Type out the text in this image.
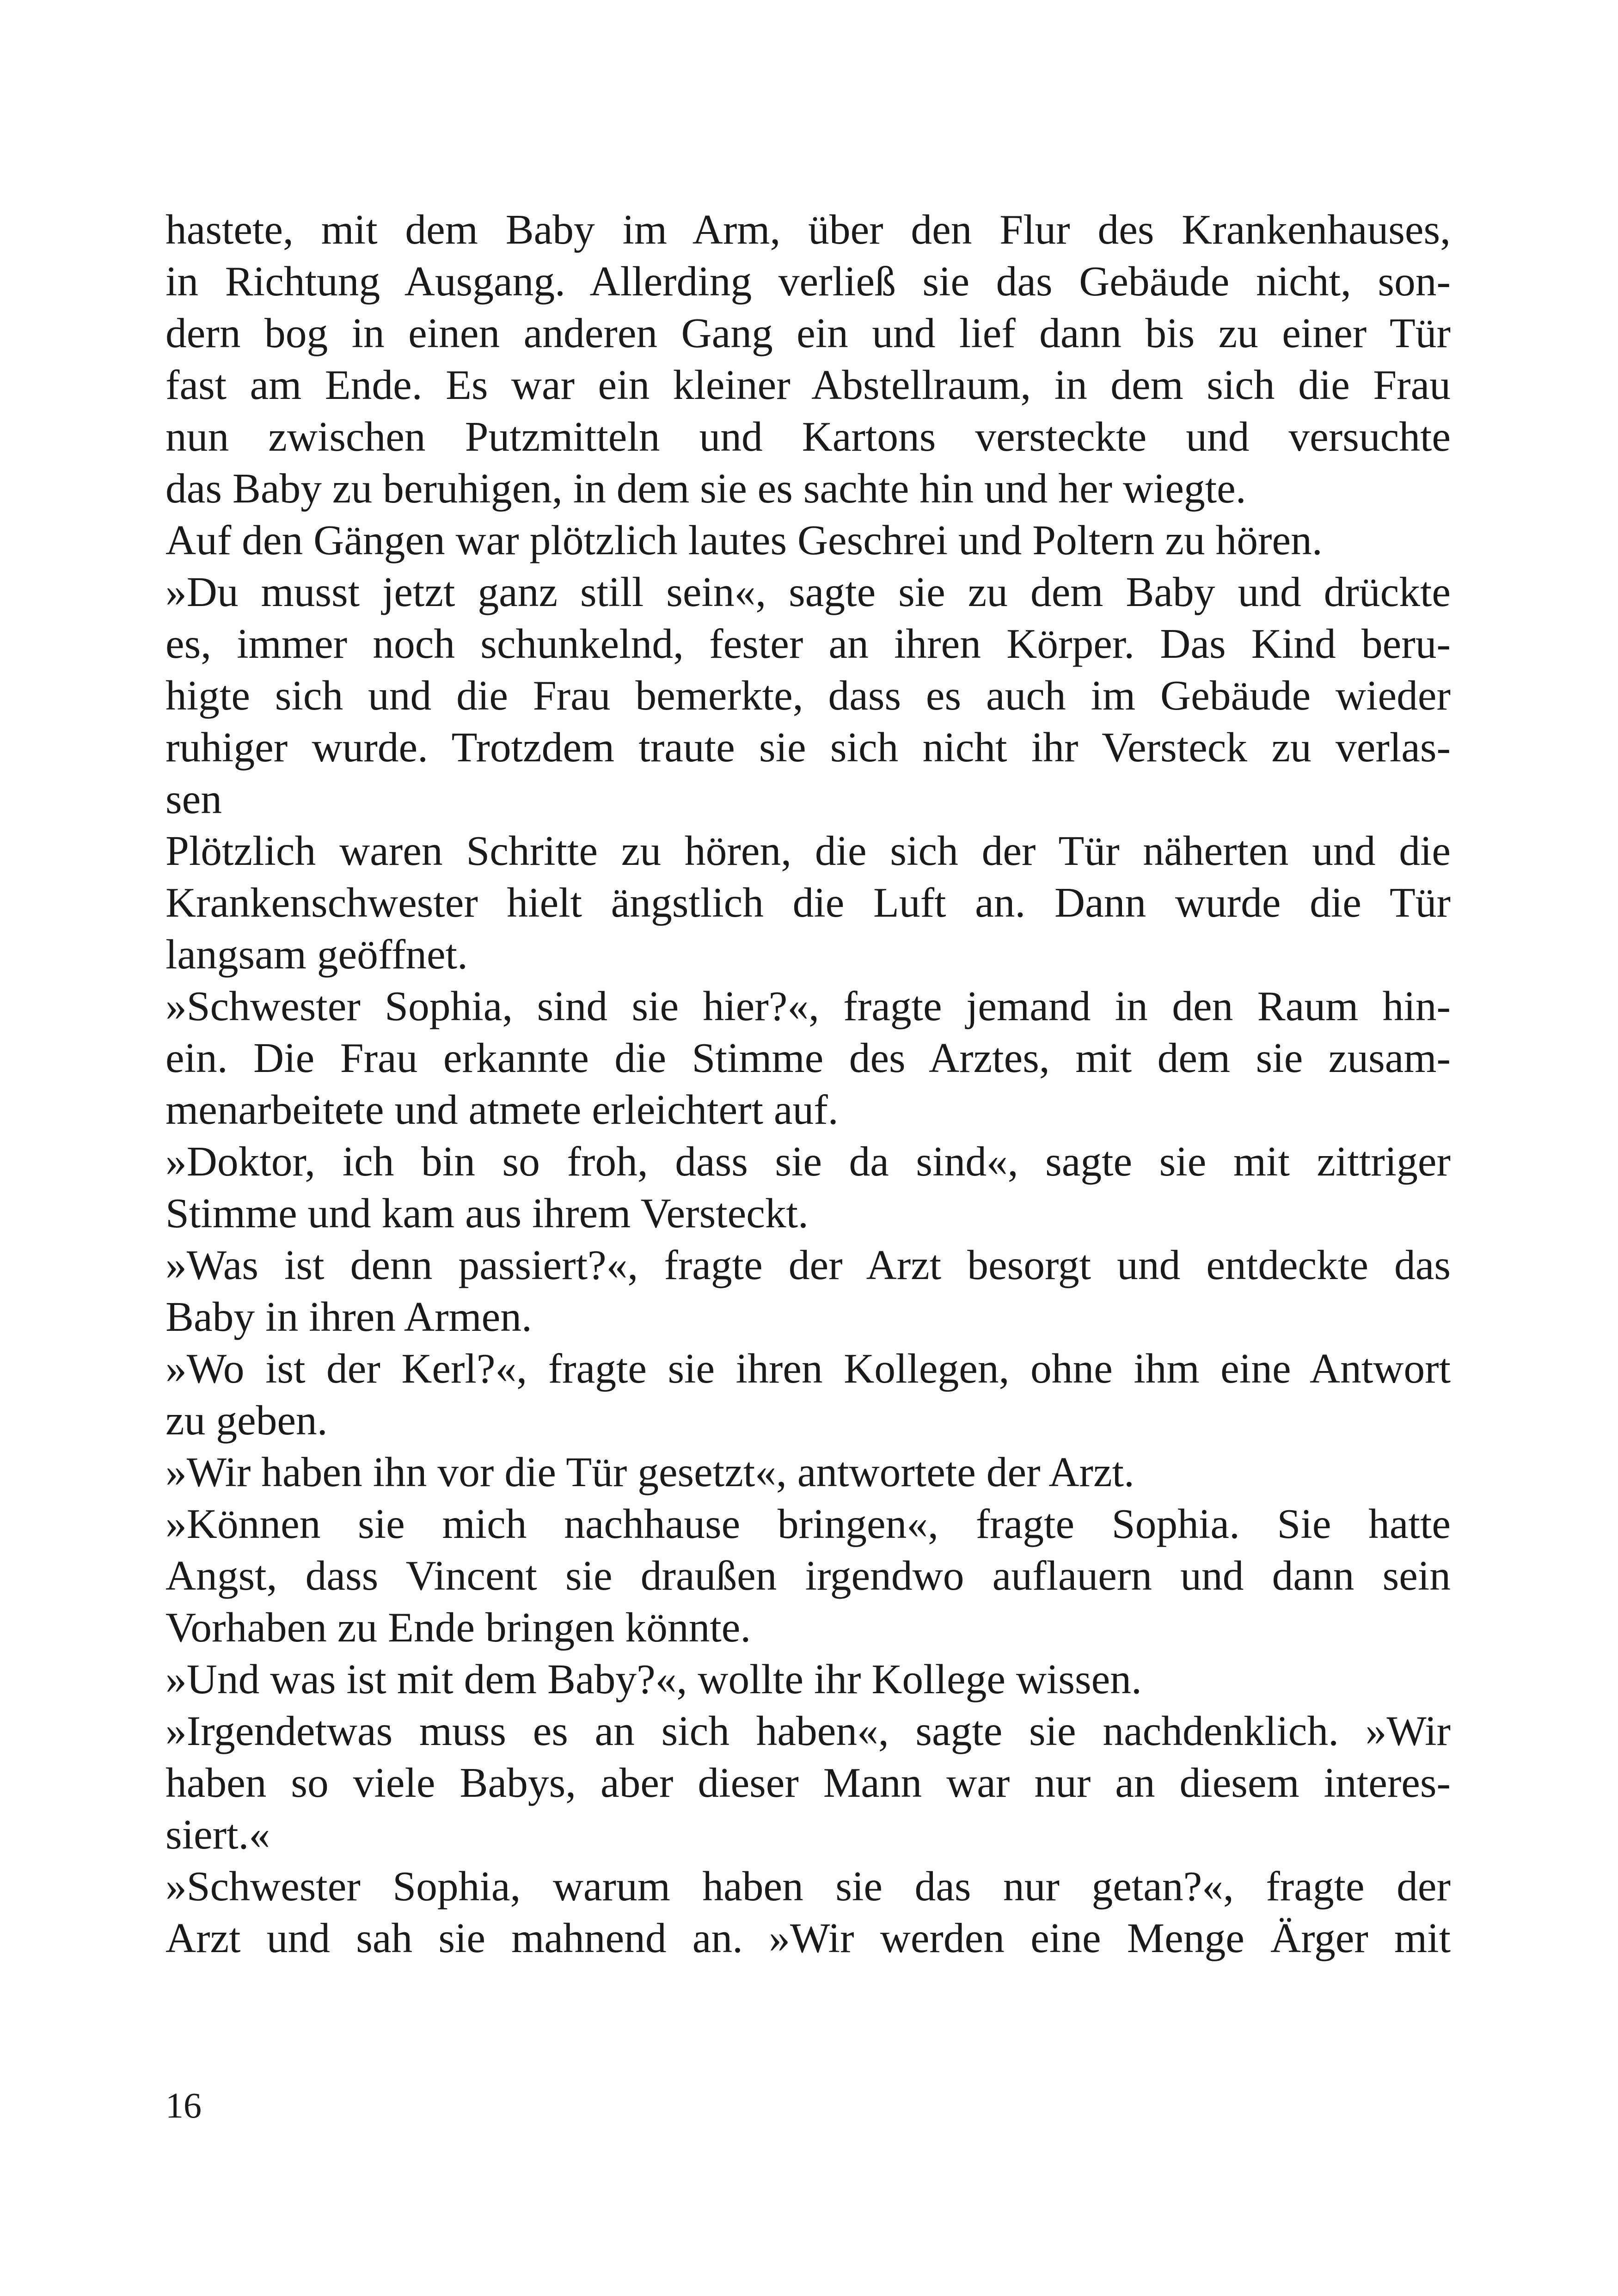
hastete, mit dem Baby im Arm, über den Flur des Krankenhauses,
in Richtung Ausgang. Allerding verließ sie das Gebäude nicht, son-
dern bog in einen anderen Gang ein und lief dann bis zu einer Tür
fast am Ende. Es war ein kleiner Abstellraum, in dem sich die Frau
nun zwischen Putzmitteln und Kartons versteckte und versuchte
das Baby zu beruhigen, in dem sie es sachte hin und her wiegte.
Auf den Gängen war plötzlich lautes Geschrei und Poltern zu hören.
»Du musst jetzt ganz still sein«, sagte sie zu dem Baby und drückte
es, immer noch schunkelnd, fester an ihren Körper. Das Kind beru-
higte sich und die Frau bemerkte, dass es auch im Gebäude wieder
ruhiger wurde. Trotzdem traute sie sich nicht ihr Versteck zu verlas-
sen
Plötzlich waren Schritte zu hören, die sich der Tür näherten und die
Krankenschwester hielt ängstlich die Luft an. Dann wurde die Tür
langsam geöffnet.
»Schwester Sophia, sind sie hier?«, fragte jemand in den Raum hin-
ein. Die Frau erkannte die Stimme des Arztes, mit dem sie zusam-
menarbeitete und atmete erleichtert auf.
»Doktor, ich bin so froh, dass sie da sind«, sagte sie mit zittriger
Stimme und kam aus ihrem Versteckt.
»Was ist denn passiert?«, fragte der Arzt besorgt und entdeckte das
Baby in ihren Armen.
»Wo ist der Kerl?«, fragte sie ihren Kollegen, ohne ihm eine Antwort
zu geben.
»Wir haben ihn vor die Tür gesetzt«, antwortete der Arzt.
»Können sie mich nachhause bringen«, fragte Sophia. Sie hatte
Angst, dass Vincent sie draußen irgendwo auflauern und dann sein
Vorhaben zu Ende bringen könnte.
»Und was ist mit dem Baby?«, wollte ihr Kollege wissen.
»Irgendetwas muss es an sich haben«, sagte sie nachdenklich. »Wir
haben so viele Babys, aber dieser Mann war nur an diesem interes-
siert.«
»Schwester Sophia, warum haben sie das nur getan?«, fragte der
Arzt und sah sie mahnend an. »Wir werden eine Menge Ärger mit
16
